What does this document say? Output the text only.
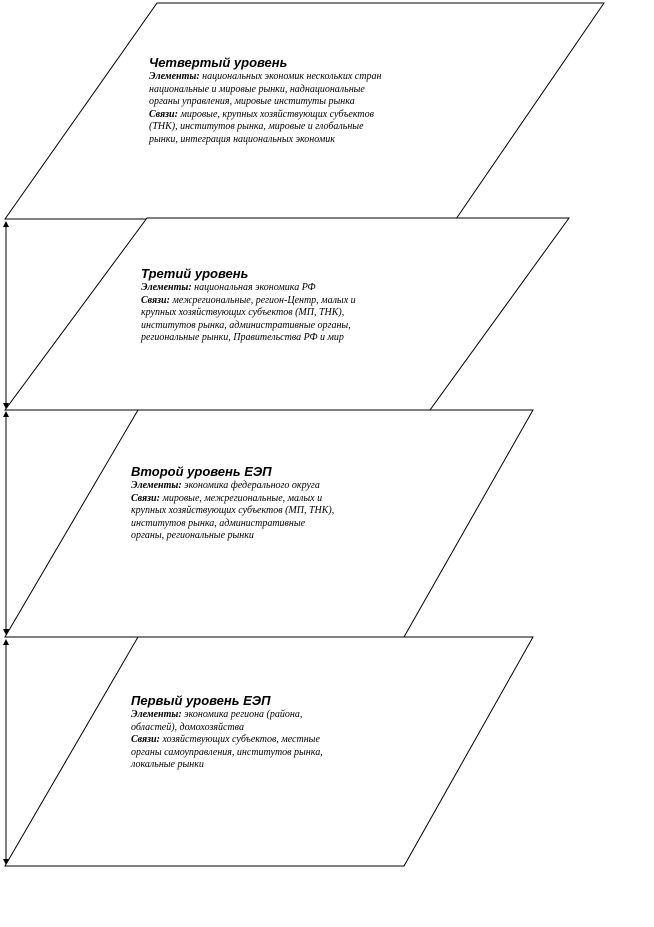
Четвертый уровень
Элементы: национальных экономик нескольких стран
национальные и мировые рынки, наднациональные
органы управления, мировые институты рынка
Связи: мировые, крупных хозяйствующих субъектов
(ТНК), институтов рынка, мировые и глобальные
рынки, интеграция национальных экономик
Третий уровень
Элементы: национальная экономика РФ
Связи: межрегиональные, регион-Центр, малых и
крупных хозяйствующих субъектов (МП, ТНК),
институтов рынка, административные органы,
региональные рынки, Правительства РФ и мир
Второй уровень ЕЭП
Элементы: экономика федерального округа
Связи: мировые, межрегиональные, малых и
крупных хозяйствующих субъектов (МП, ТНК),
институтов рынка, административные
органы, региональные рынки
Первый уровень ЕЭП
Элементы: экономика региона (района,
областей), домохозяйства
Связи: хозяйствующих субъектов, местные
органы самоуправления, институтов рынка,
локальные рынки
